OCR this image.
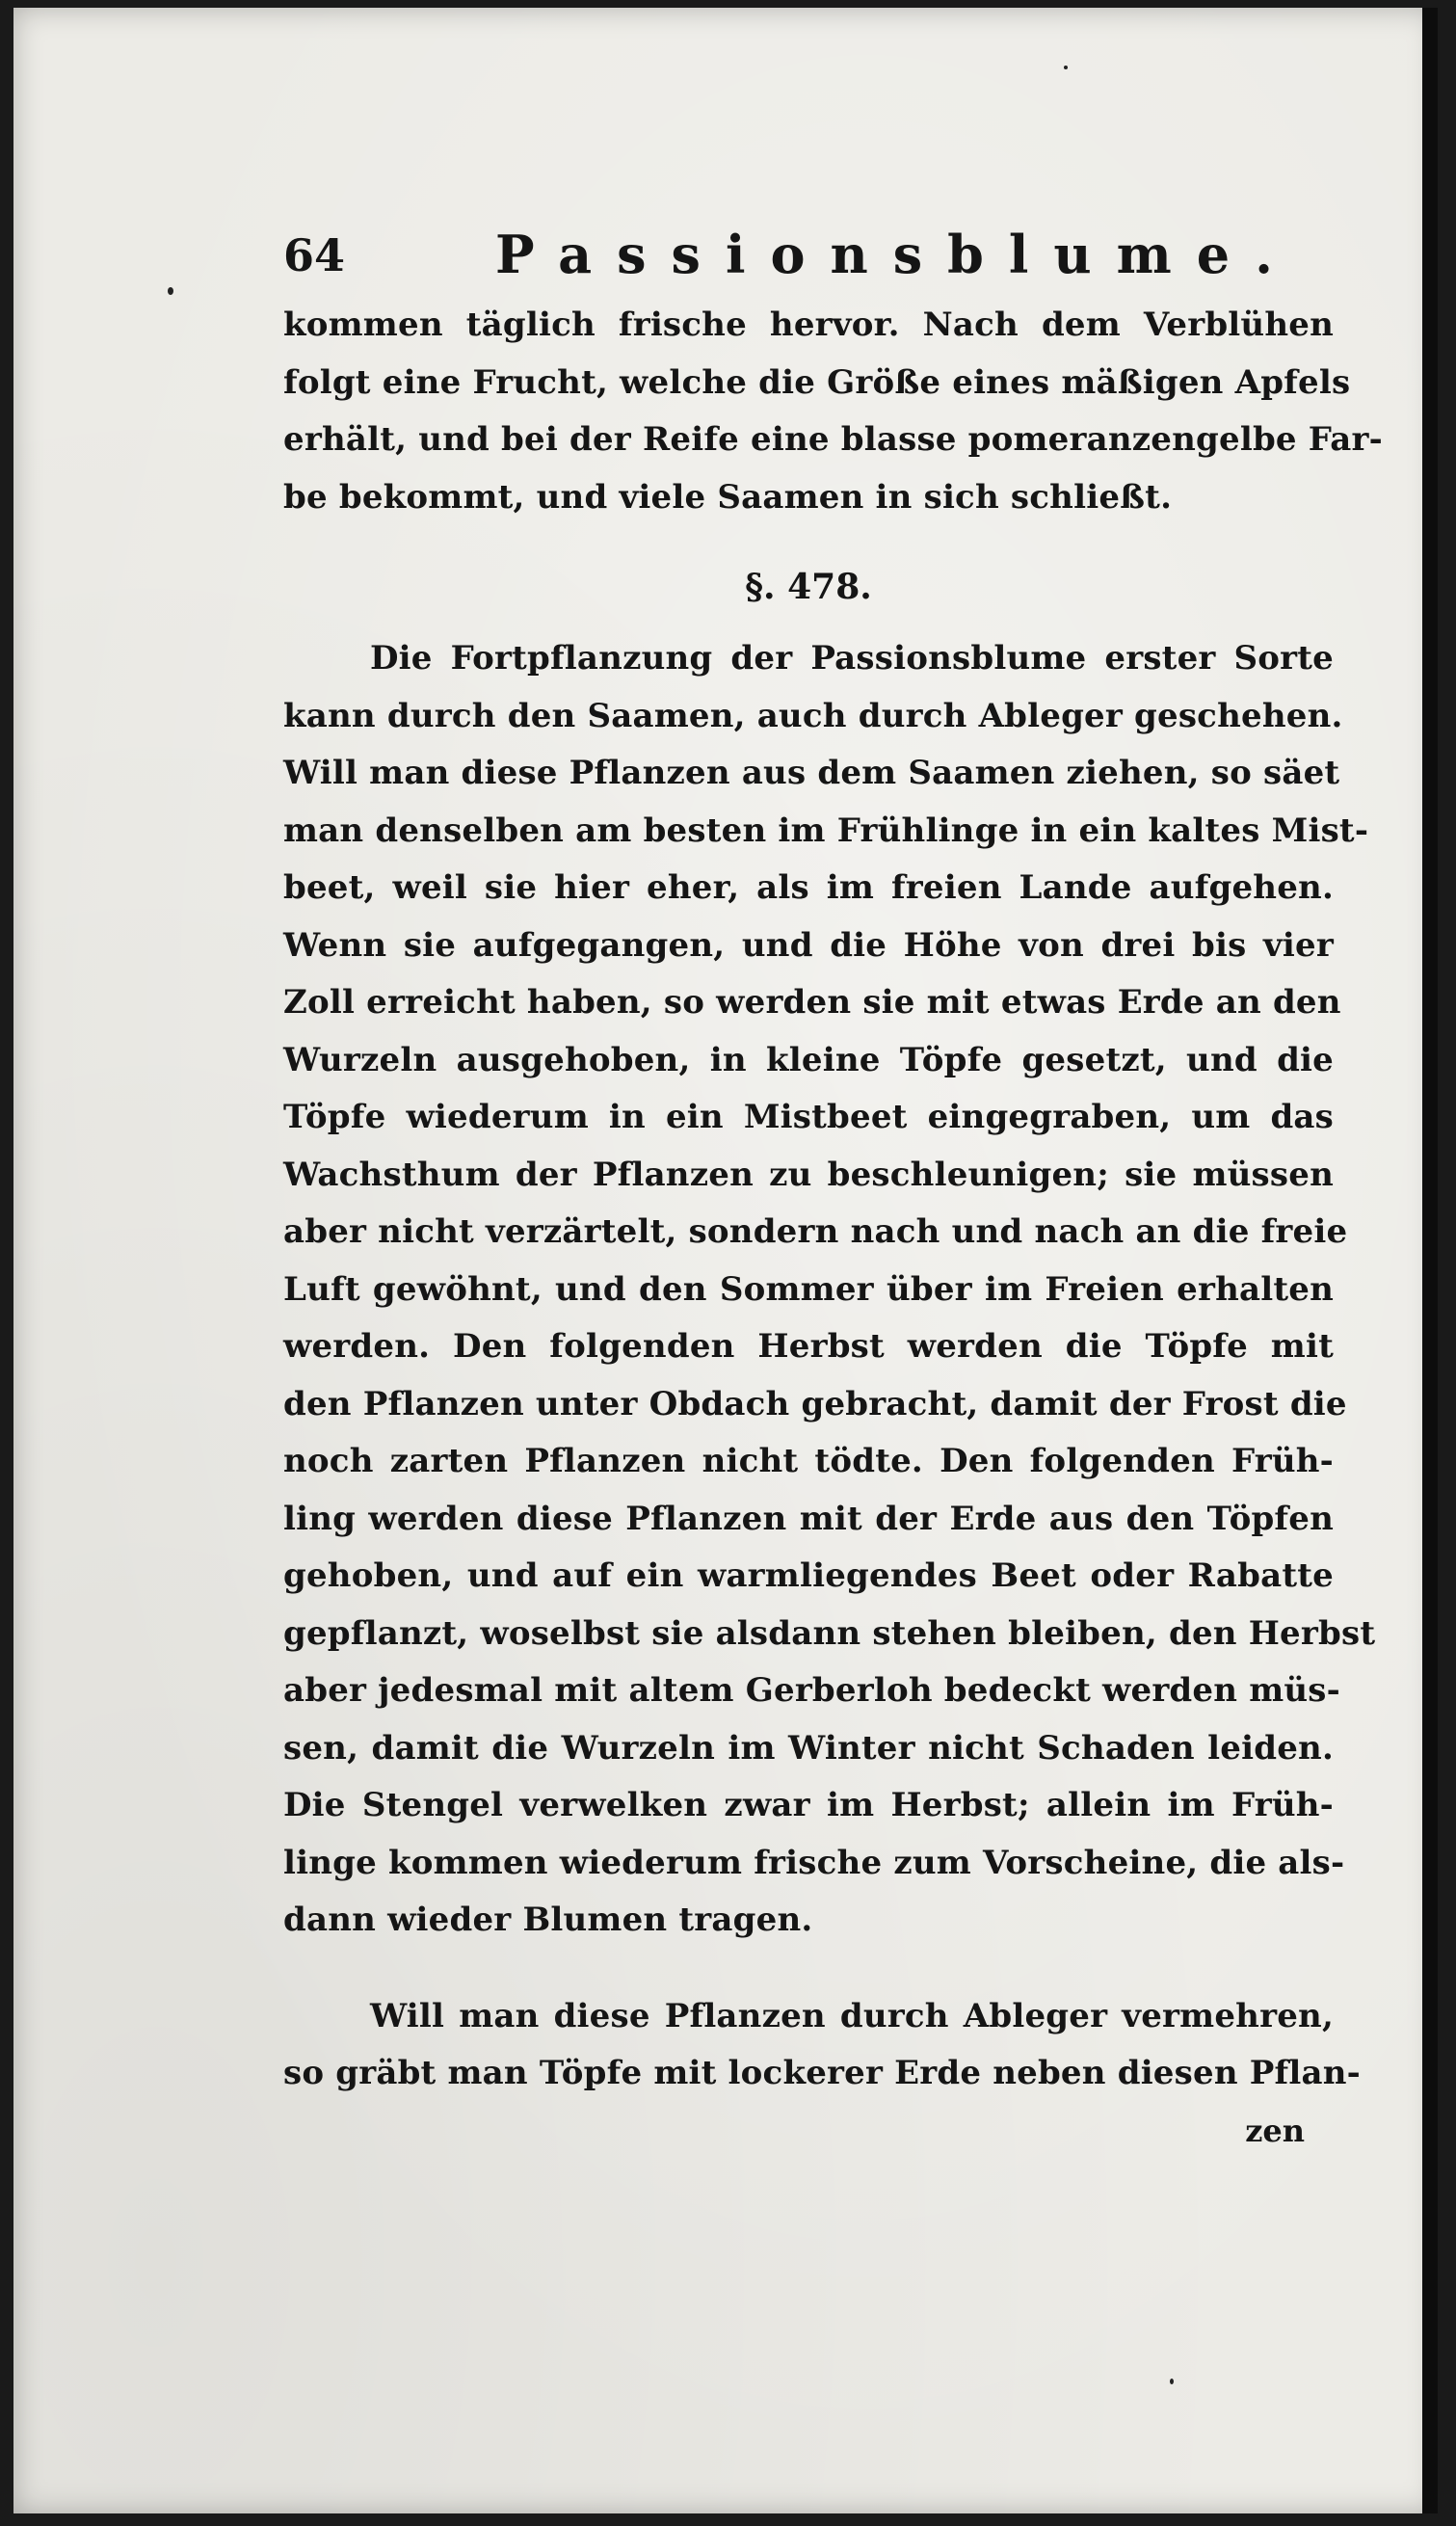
64	Passionsblume.
kommen täglich frische hervor. Nach dem Verblühen
folgt eine Frucht, welche die Größe eines mäßigen Apfels
erhält, und bei der Reife eine blasse pomeranzengelbe Far-
be bekommt, und viele Saamen in sich schließt.
§. 478.
Die Fortpflanzung der Passionsblume erster Sorte
kann durch den Saamen, auch durch Ableger geschehen.
Will man diese Pflanzen aus dem Saamen ziehen, so säet
man denselben am besten im Frühlinge in ein kaltes Mist-
beet, weil sie hier eher, als im freien Lande aufgehen.
Wenn sie aufgegangen, und die Höhe von drei bis vier
Zoll erreicht haben, so werden sie mit etwas Erde an den
Wurzeln ausgehoben, in kleine Töpfe gesetzt, und die
Töpfe wiederum in ein Mistbeet eingegraben, um das
Wachsthum der Pflanzen zu beschleunigen; sie müssen
aber nicht verzärtelt, sondern nach und nach an die freie
Luft gewöhnt, und den Sommer über im Freien erhalten
werden. Den folgenden Herbst werden die Töpfe mit
den Pflanzen unter Obdach gebracht, damit der Frost die
noch zarten Pflanzen nicht tödte. Den folgenden Früh-
ling werden diese Pflanzen mit der Erde aus den Töpfen
gehoben, und auf ein warmliegendes Beet oder Rabatte
gepflanzt, woselbst sie alsdann stehen bleiben, den Herbst
aber jedesmal mit altem Gerberloh bedeckt werden müs-
sen, damit die Wurzeln im Winter nicht Schaden leiden.
Die Stengel verwelken zwar im Herbst; allein im Früh-
linge kommen wiederum frische zum Vorscheine, die als-
dann wieder Blumen tragen.
Will man diese Pflanzen durch Ableger vermehren,
so gräbt man Töpfe mit lockerer Erde neben diesen Pflan-
zen
